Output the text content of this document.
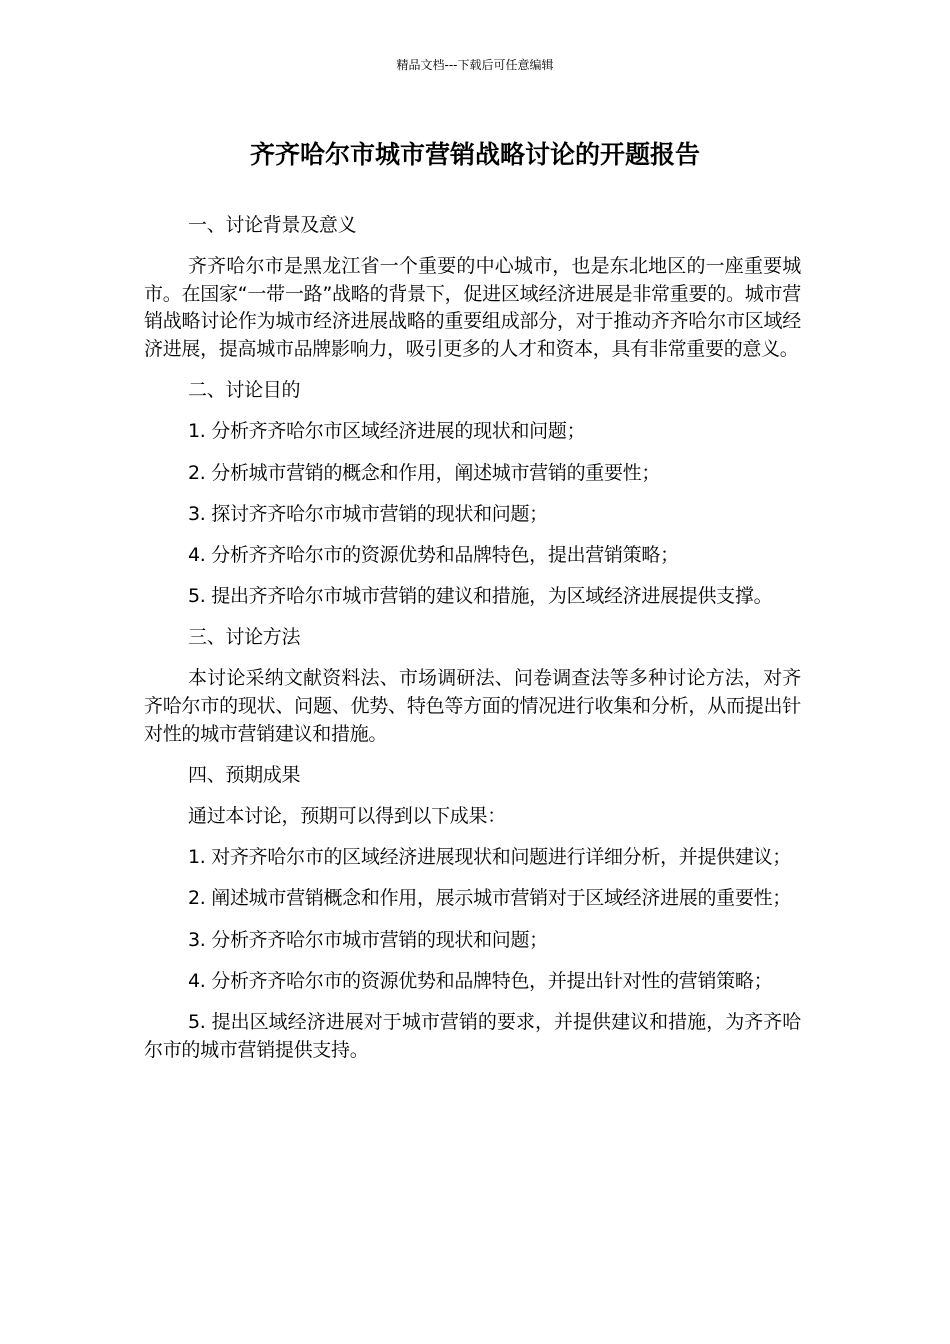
精品文档---下载后可任意编辑
齐齐哈尔市城市营销战略讨论的开题报告

一、讨论背景及意义

齐齐哈尔市是黑龙江省一个重要的中心城市，也是东北地区的一座重要城市。在国家“一带一路”战略的背景下，促进区域经济进展是非常重要的。城市营销战略讨论作为城市经济进展战略的重要组成部分，对于推动齐齐哈尔市区域经济进展，提高城市品牌影响力，吸引更多的人才和资本，具有非常重要的意义。

二、讨论目的

1. 分析齐齐哈尔市区域经济进展的现状和问题；

2. 分析城市营销的概念和作用，阐述城市营销的重要性；

3. 探讨齐齐哈尔市城市营销的现状和问题；

4. 分析齐齐哈尔市的资源优势和品牌特色，提出营销策略；

5. 提出齐齐哈尔市城市营销的建议和措施，为区域经济进展提供支撑。

三、讨论方法

本讨论采纳文献资料法、市场调研法、问卷调查法等多种讨论方法，对齐齐哈尔市的现状、问题、优势、特色等方面的情况进行收集和分析，从而提出针对性的城市营销建议和措施。

四、预期成果

通过本讨论，预期可以得到以下成果：

1. 对齐齐哈尔市的区域经济进展现状和问题进行详细分析，并提供建议；

2. 阐述城市营销概念和作用，展示城市营销对于区域经济进展的重要性；

3. 分析齐齐哈尔市城市营销的现状和问题；

4. 分析齐齐哈尔市的资源优势和品牌特色，并提出针对性的营销策略；

5. 提出区域经济进展对于城市营销的要求，并提供建议和措施，为齐齐哈尔市的城市营销提供支持。
